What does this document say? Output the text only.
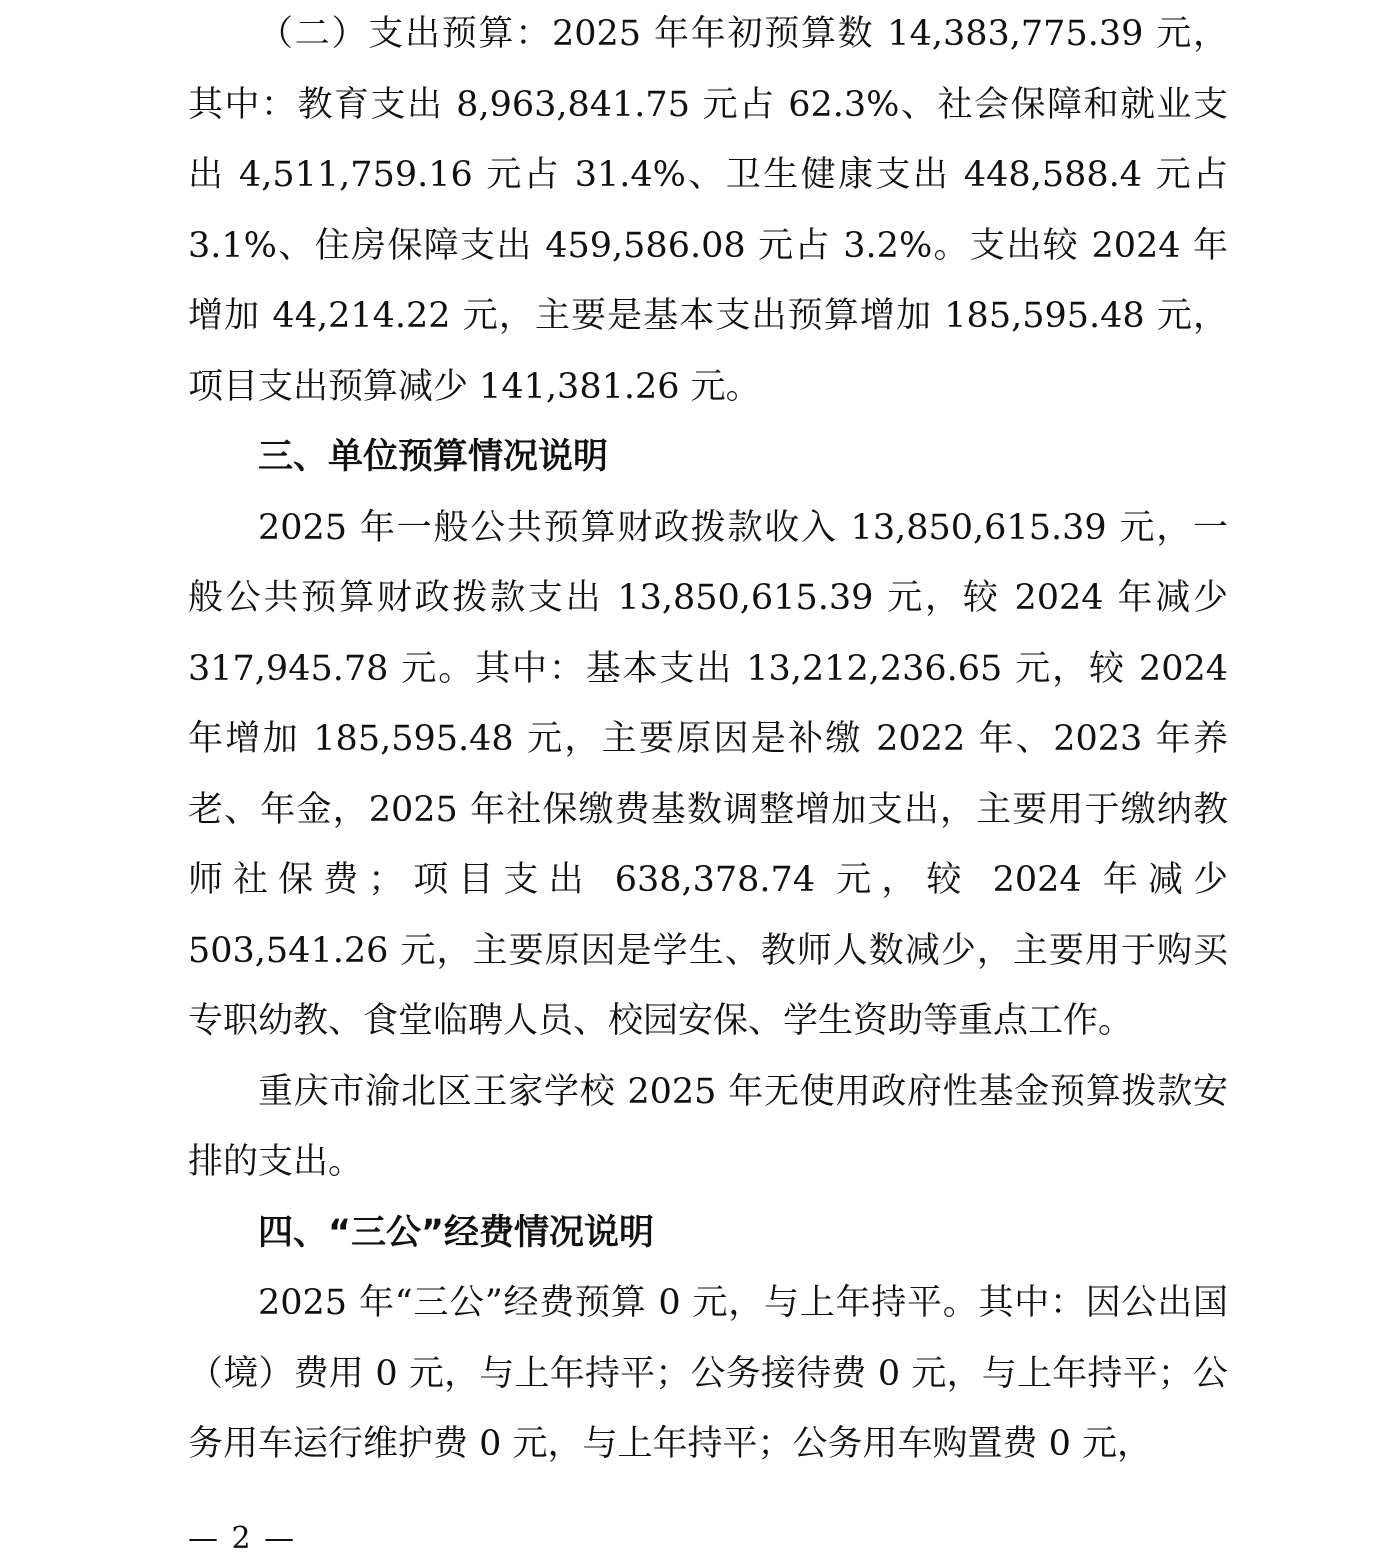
（二）支出预算：2025 年年初预算数 14,383,775.39 元，其中：教育支出 8,963,841.75 元占 62.3%、社会保障和就业支出 4,511,759.16 元占 31.4%、卫生健康支出 448,588.4 元占 3.1%、住房保障支出 459,586.08 元占 3.2%。支出较 2024 年增加 44,214.22 元，主要是基本支出预算增加 185,595.48 元，项目支出预算减少 141,381.26 元。

三、单位预算情况说明

2025 年一般公共预算财政拨款收入 13,850,615.39 元，一般公共预算财政拨款支出 13,850,615.39 元，较 2024 年减少 317,945.78 元。其中：基本支出 13,212,236.65 元，较 2024 年增加 185,595.48 元，主要原因是补缴 2022 年、2023 年养老、年金，2025 年社保缴费基数调整增加支出，主要用于缴纳教师社保费；项目支出 638,378.74 元，较 2024 年减少 503,541.26 元，主要原因是学生、教师人数减少，主要用于购买专职幼教、食堂临聘人员、校园安保、学生资助等重点工作。

重庆市渝北区王家学校 2025 年无使用政府性基金预算拨款安排的支出。

四、“三公”经费情况说明

2025 年“三公”经费预算 0 元，与上年持平。其中：因公出国（境）费用 0 元，与上年持平；公务接待费 0 元，与上年持平；公务用车运行维护费 0 元，与上年持平；公务用车购置费 0 元，

— 2 —
